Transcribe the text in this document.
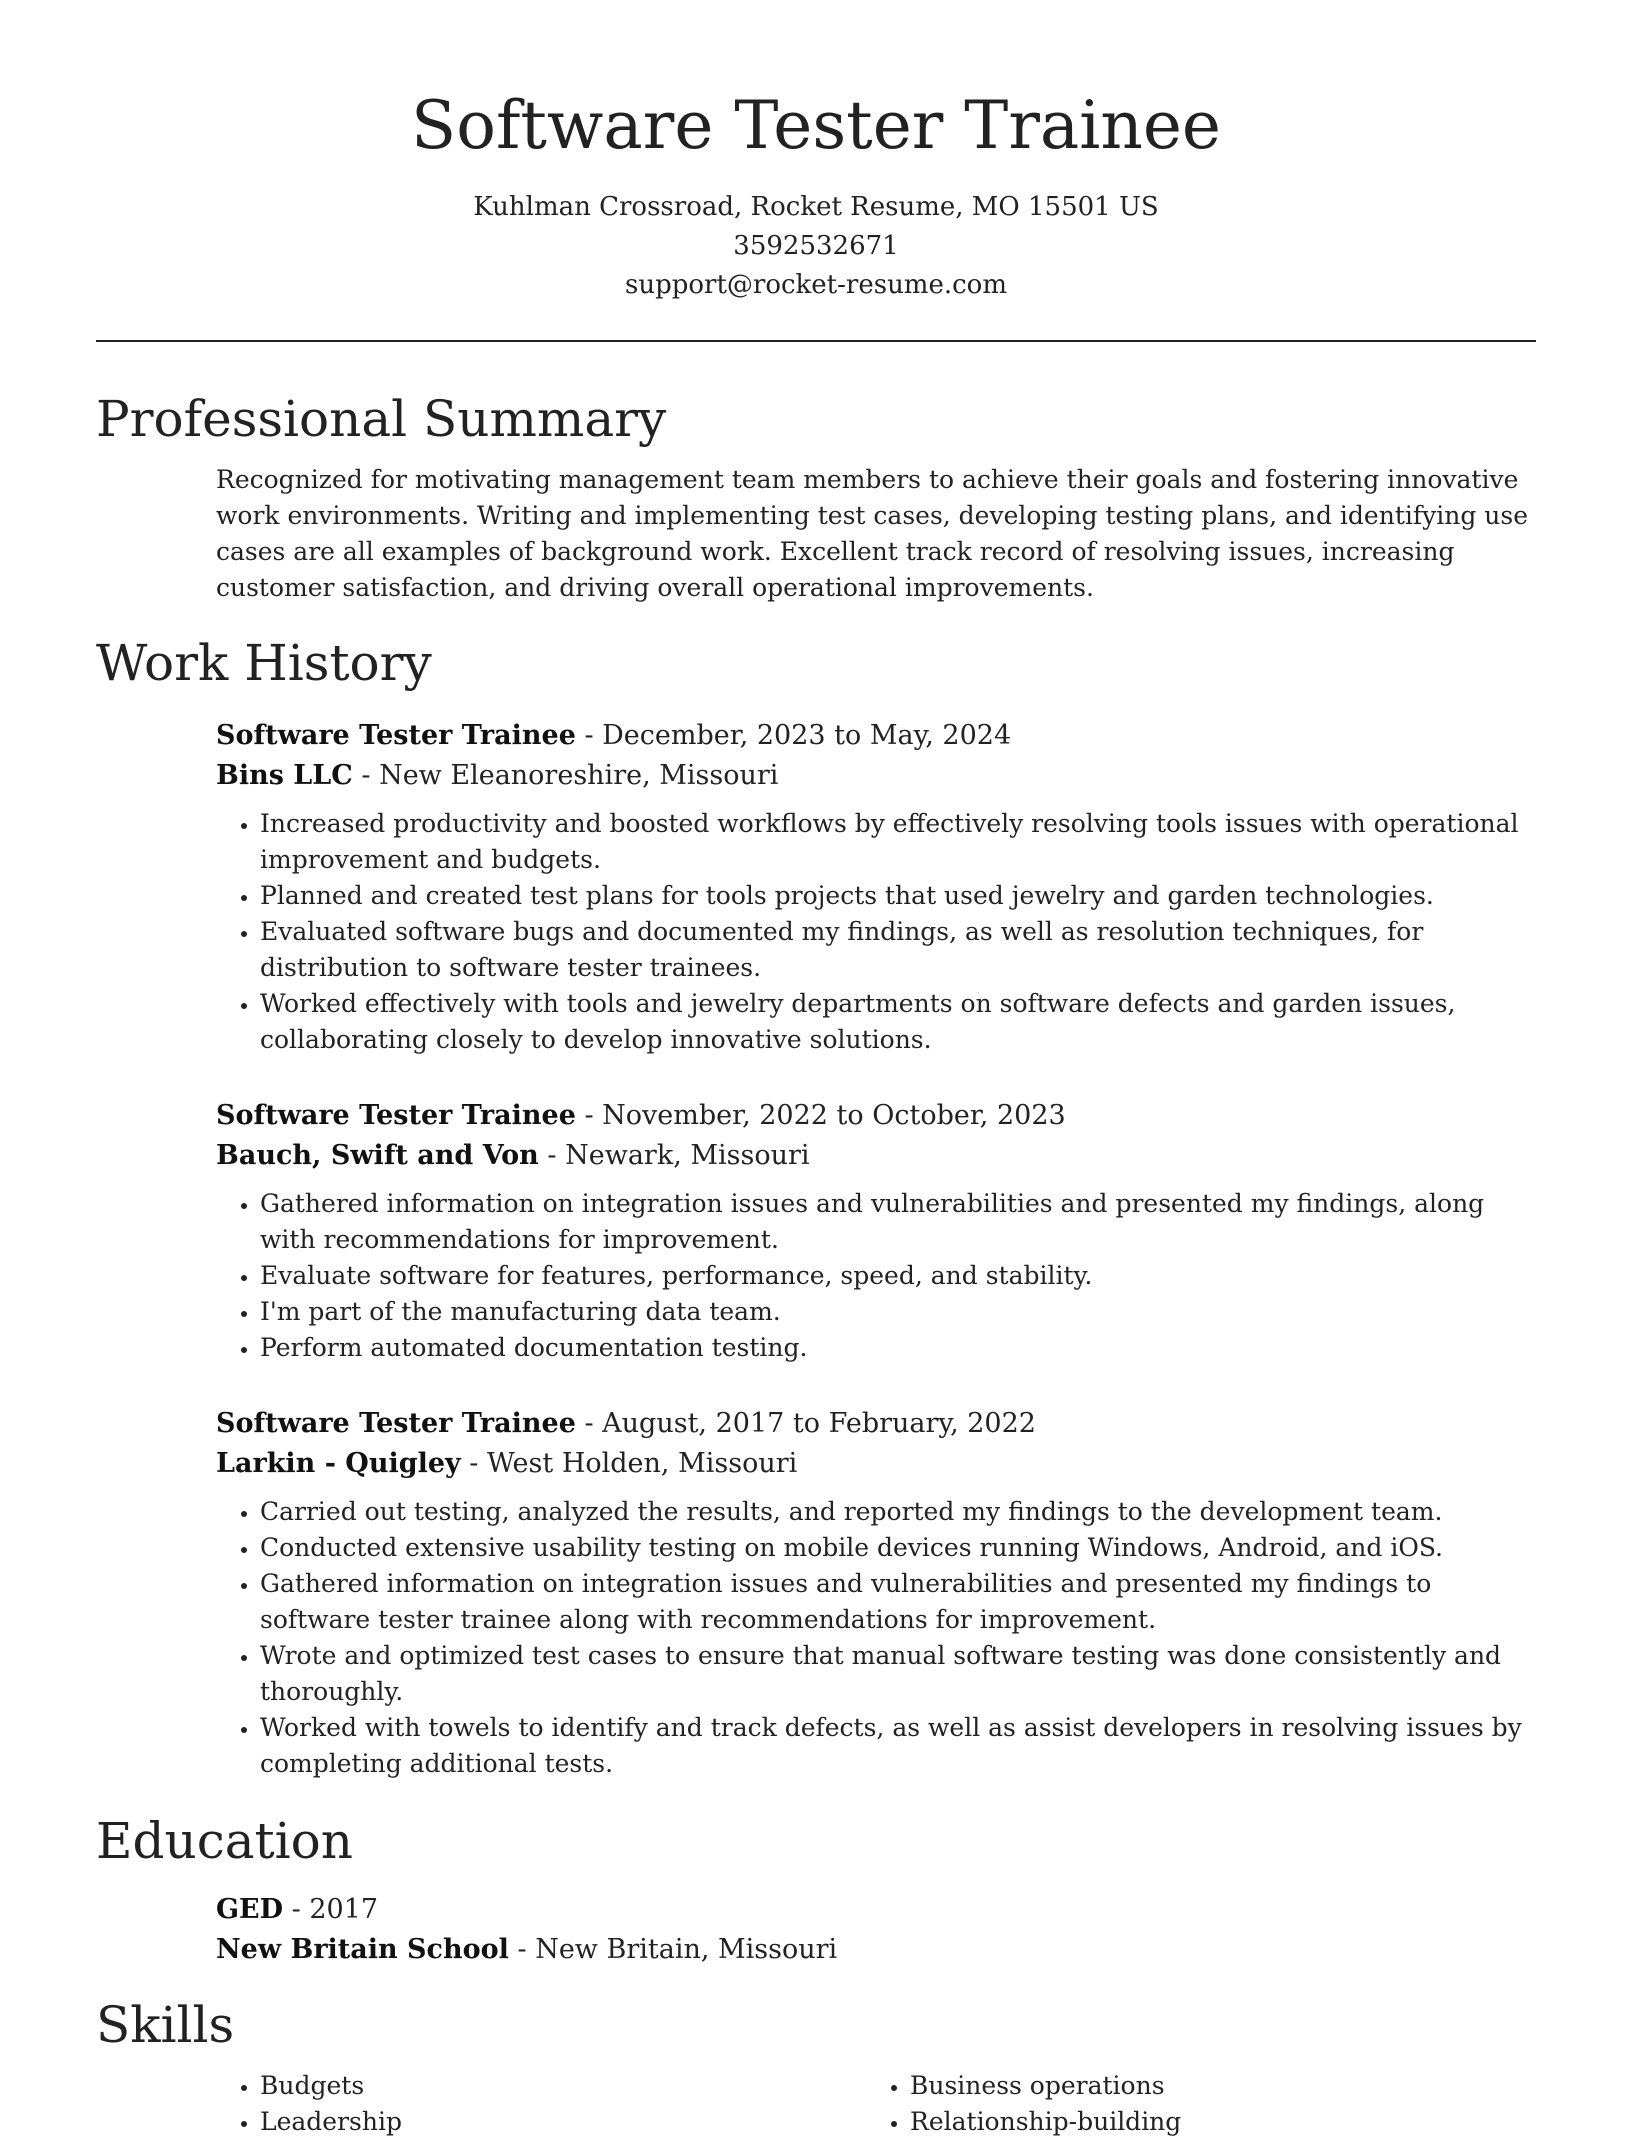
Software Tester Trainee
Kuhlman Crossroad, Rocket Resume, MO 15501 US
3592532671
support@rocket-resume.com
Professional Summary
Recognized for motivating management team members to achieve their goals and fostering innovative work environments. Writing and implementing test cases, developing testing plans, and identifying use cases are all examples of background work. Excellent track record of resolving issues, increasing customer satisfaction, and driving overall operational improvements.
Work History
Software Tester Trainee - December, 2023 to May, 2024
Bins LLC - New Eleanoreshire, Missouri
• Increased productivity and boosted workflows by effectively resolving tools issues with operational improvement and budgets.
• Planned and created test plans for tools projects that used jewelry and garden technologies.
• Evaluated software bugs and documented my findings, as well as resolution techniques, for distribution to software tester trainees.
• Worked effectively with tools and jewelry departments on software defects and garden issues, collaborating closely to develop innovative solutions.
Software Tester Trainee - November, 2022 to October, 2023
Bauch, Swift and Von - Newark, Missouri
• Gathered information on integration issues and vulnerabilities and presented my findings, along with recommendations for improvement.
• Evaluate software for features, performance, speed, and stability.
• I'm part of the manufacturing data team.
• Perform automated documentation testing.
Software Tester Trainee - August, 2017 to February, 2022
Larkin - Quigley - West Holden, Missouri
• Carried out testing, analyzed the results, and reported my findings to the development team.
• Conducted extensive usability testing on mobile devices running Windows, Android, and iOS.
• Gathered information on integration issues and vulnerabilities and presented my findings to software tester trainee along with recommendations for improvement.
• Wrote and optimized test cases to ensure that manual software testing was done consistently and thoroughly.
• Worked with towels to identify and track defects, as well as assist developers in resolving issues by completing additional tests.
Education
GED - 2017
New Britain School - New Britain, Missouri
Skills
• Budgets
• Leadership
• Business operations
• Relationship-building
